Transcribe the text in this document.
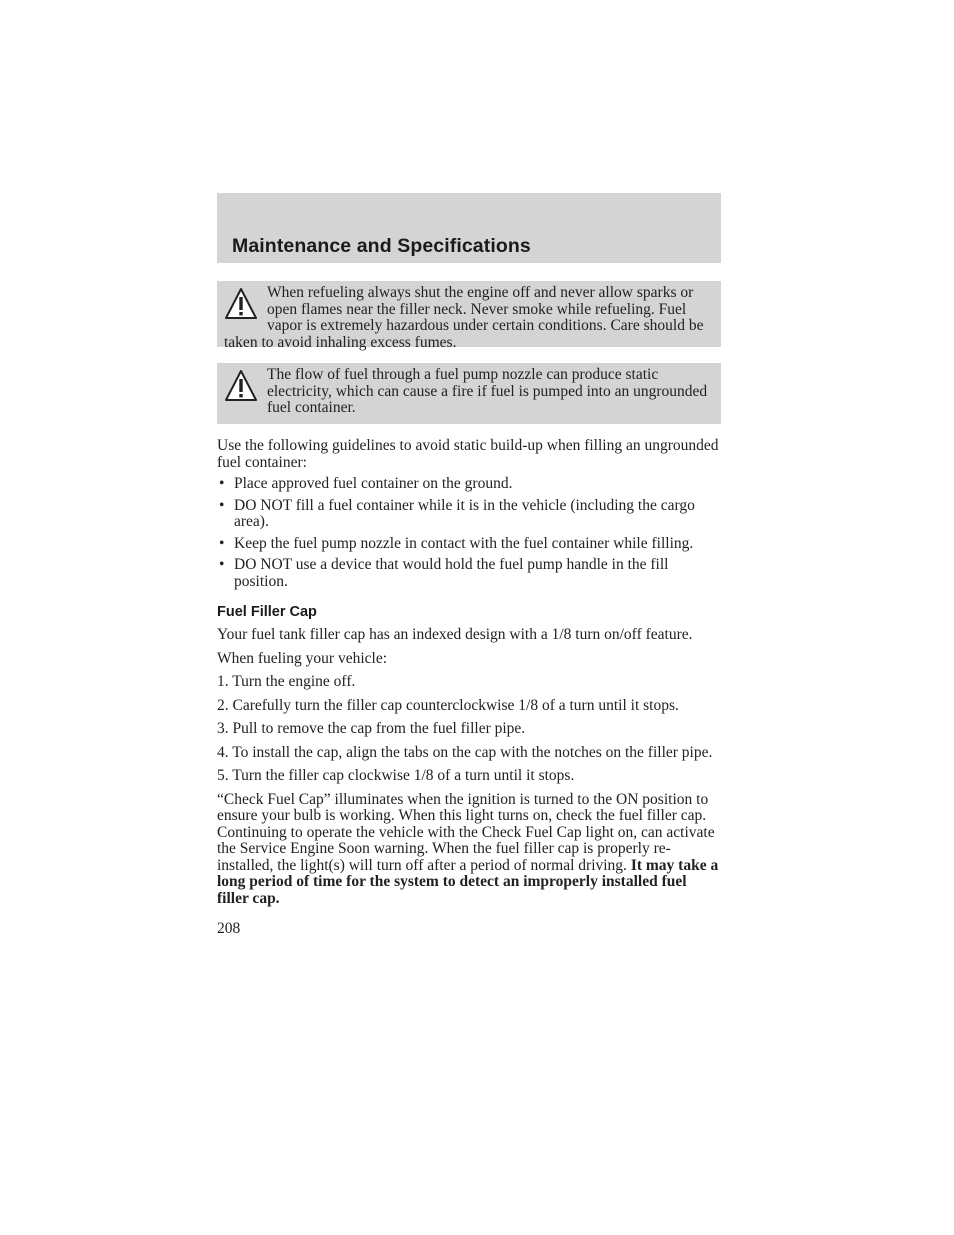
Maintenance and Specifications

When refueling always shut the engine off and never allow sparks or open flames near the filler neck. Never smoke while refueling. Fuel vapor is extremely hazardous under certain conditions. Care should be taken to avoid inhaling excess fumes.

The flow of fuel through a fuel pump nozzle can produce static electricity, which can cause a fire if fuel is pumped into an ungrounded fuel container.

Use the following guidelines to avoid static build-up when filling an ungrounded fuel container:

• Place approved fuel container on the ground.
• DO NOT fill a fuel container while it is in the vehicle (including the cargo area).
• Keep the fuel pump nozzle in contact with the fuel container while filling.
• DO NOT use a device that would hold the fuel pump handle in the fill position.
Fuel Filler Cap

Your fuel tank filler cap has an indexed design with a 1/8 turn on/off feature.

When fueling your vehicle:

1. Turn the engine off.

2. Carefully turn the filler cap counterclockwise 1/8 of a turn until it stops.

3. Pull to remove the cap from the fuel filler pipe.

4. To install the cap, align the tabs on the cap with the notches on the filler pipe.

5. Turn the filler cap clockwise 1/8 of a turn until it stops.

“Check Fuel Cap” illuminates when the ignition is turned to the ON position to ensure your bulb is working. When this light turns on, check the fuel filler cap. Continuing to operate the vehicle with the Check Fuel Cap light on, can activate the Service Engine Soon warning. When the fuel filler cap is properly re-installed, the light(s) will turn off after a period of normal driving. It may take a long period of time for the system to detect an improperly installed fuel filler cap.

208
